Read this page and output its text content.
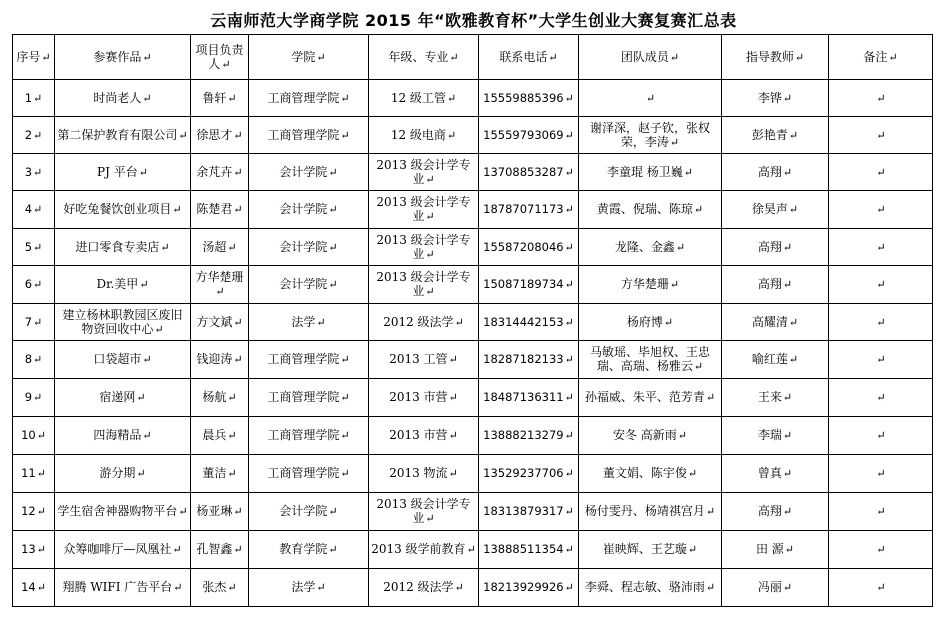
云南师范大学商学院 2015 年“欧雅教育杯”大学生创业大赛复赛汇总表
序号↵	参赛作品↵	项目负责人↵	学院↵	年级、专业↵	联系电话↵	团队成员↵	指导教师↵	备注↵
1↵	时尚老人↵	鲁轩↵	工商管理学院↵	12 级工管↵	15559885396↵	↵	李铧↵	↵
2↵	第二保护教育有限公司↵	徐思才↵	工商管理学院↵	12 级电商↵	15559793069↵	谢泽深，赵子钦，张权荣，李涛↵	彭艳青↵	↵
3↵	PJ 平台↵	余芃卉↵	会计学院↵	2013 级会计学专业↵	13708853287↵	李童琨 杨卫巍↵	高翔↵	↵
4↵	好吃兔餐饮创业项目↵	陈楚君↵	会计学院↵	2013 级会计学专业↵	18787071173↵	黄霞、倪瑞、陈琼↵	徐昊声↵	↵
5↵	进口零食专卖店↵	汤超↵	会计学院↵	2013 级会计学专业↵	15587208046↵	龙隆、金鑫↵	高翔↵	↵
6↵	Dr.美甲↵	方华楚珊↵	会计学院↵	2013 级会计学专业↵	15087189734↵	方华楚珊↵	高翔↵	↵
7↵	建立杨林职教园区废旧物资回收中心↵	方文斌↵	法学↵	2012 级法学↵	18314442153↵	杨府博↵	高耀清↵	↵
8↵	口袋超市↵	钱迎涛↵	工商管理学院↵	2013 工管↵	18287182133↵	马敏瑶、毕旭权、王忠瑞、高瑞、杨雅云↵	喻红莲↵	↵
9↵	宿递网↵	杨航↵	工商管理学院↵	2013 市营↵	18487136311↵	孙福威、朱平、范芳青↵	王来↵	↵
10↵	四海精品↵	晨兵↵	工商管理学院↵	2013 市营↵	13888213279↵	安冬 高新雨↵	李瑞↵	↵
11↵	游分期↵	董洁↵	工商管理学院↵	2013 物流↵	13529237706↵	董文娟、陈宇俊↵	曾真↵	↵
12↵	学生宿舍神器购物平台↵	杨亚琳↵	会计学院↵	2013 级会计学专业↵	18313879317↵	杨付雯丹、杨靖祺宫月↵	高翔↵	↵
13↵	众筹咖啡厅—凤凰社↵	孔智鑫↵	教育学院↵	2013 级学前教育↵	13888511354↵	崔映辉、王艺璇↵	田 源↵	↵
14↵	翔腾 WIFI 广告平台↵	张杰↵	法学↵	2012 级法学↵	18213929926↵	李舜、程志敏、骆沛雨↵	冯丽↵	↵
